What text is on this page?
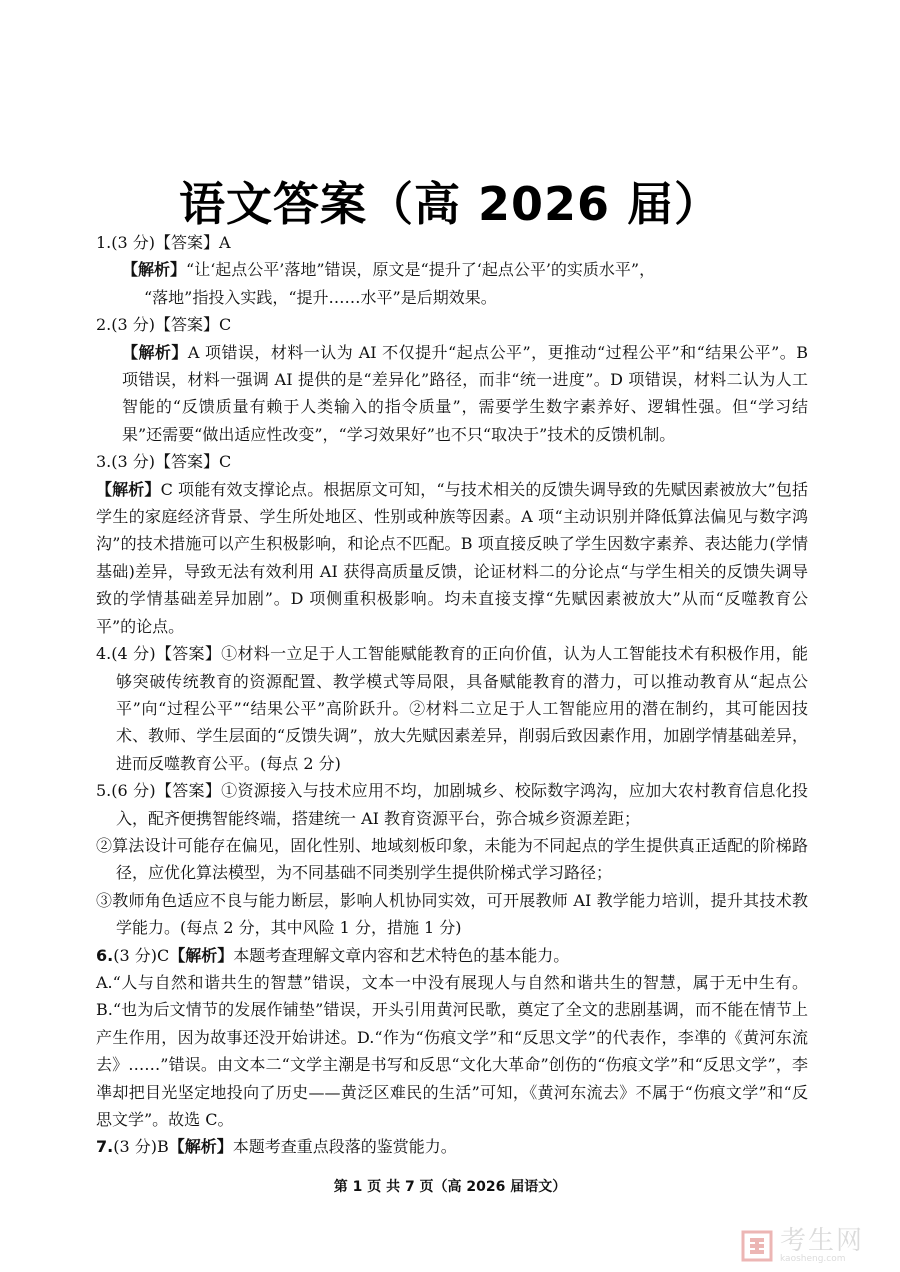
语文答案（高 2026 届）

1.(3 分)【答案】A

【解析】“让‘起点公平’落地”错误，原文是“提升了‘起点公平’的实质水平”，

“落地”指投入实践，“提升……水平”是后期效果。

2.(3 分)【答案】C

【解析】A 项错误，材料一认为 AI 不仅提升“起点公平”，更推动“过程公平”和“结果公平”。B 项错误，材料一强调 AI 提供的是“差异化”路径，而非“统一进度”。D 项错误，材料二认为人工智能的“反馈质量有赖于人类输入的指令质量”，需要学生数字素养好、逻辑性强。但“学习结果”还需要“做出适应性改变”，“学习效果好”也不只“取决于”技术的反馈机制。

3.(3 分)【答案】C

【解析】C 项能有效支撑论点。根据原文可知，“与技术相关的反馈失调导致的先赋因素被放大”包括学生的家庭经济背景、学生所处地区、性别或种族等因素。A 项“主动识别并降低算法偏见与数字鸿沟”的技术措施可以产生积极影响，和论点不匹配。B 项直接反映了学生因数字素养、表达能力(学情基础)差异，导致无法有效利用 AI 获得高质量反馈，论证材料二的分论点“与学生相关的反馈失调导致的学情基础差异加剧”。D 项侧重积极影响。均未直接支撑“先赋因素被放大”从而“反噬教育公平”的论点。

4.(4 分)【答案】①材料一立足于人工智能赋能教育的正向价值，认为人工智能技术有积极作用，能够突破传统教育的资源配置、教学模式等局限，具备赋能教育的潜力，可以推动教育从“起点公平”向“过程公平”“结果公平”高阶跃升。②材料二立足于人工智能应用的潜在制约，其可能因技术、教师、学生层面的“反馈失调”，放大先赋因素差异，削弱后致因素作用，加剧学情基础差异，进而反噬教育公平。(每点 2 分)

5.(6 分)【答案】①资源接入与技术应用不均，加剧城乡、校际数字鸿沟，应加大农村教育信息化投入，配齐便携智能终端，搭建统一 AI 教育资源平台，弥合城乡资源差距；

②算法设计可能存在偏见，固化性别、地域刻板印象，未能为不同起点的学生提供真正适配的阶梯路径，应优化算法模型，为不同基础不同类别学生提供阶梯式学习路径；

③教师角色适应不良与能力断层，影响人机协同实效，可开展教师 AI 教学能力培训，提升其技术教学能力。(每点 2 分，其中风险 1 分，措施 1 分)

6.(3 分)C【解析】本题考查理解文章内容和艺术特色的基本能力。

A.“人与自然和谐共生的智慧”错误，文本一中没有展现人与自然和谐共生的智慧，属于无中生有。B.“也为后文情节的发展作铺垫”错误，开头引用黄河民歌，奠定了全文的悲剧基调，而不能在情节上产生作用，因为故事还没开始讲述。D.“作为“伤痕文学”和“反思文学”的代表作，李凖的《黄河东流去》……”错误。由文本二“文学主潮是书写和反思“文化大革命”创伤的“伤痕文学”和“反思文学”，李凖却把目光坚定地投向了历史——黄泛区难民的生活”可知，《黄河东流去》不属于“伤痕文学”和“反思文学”。故选 C。

7.(3 分)B【解析】本题考查重点段落的鉴赏能力。

第 1 页 共 7 页（高 2026 届语文）
考生网
kaosheng.com
